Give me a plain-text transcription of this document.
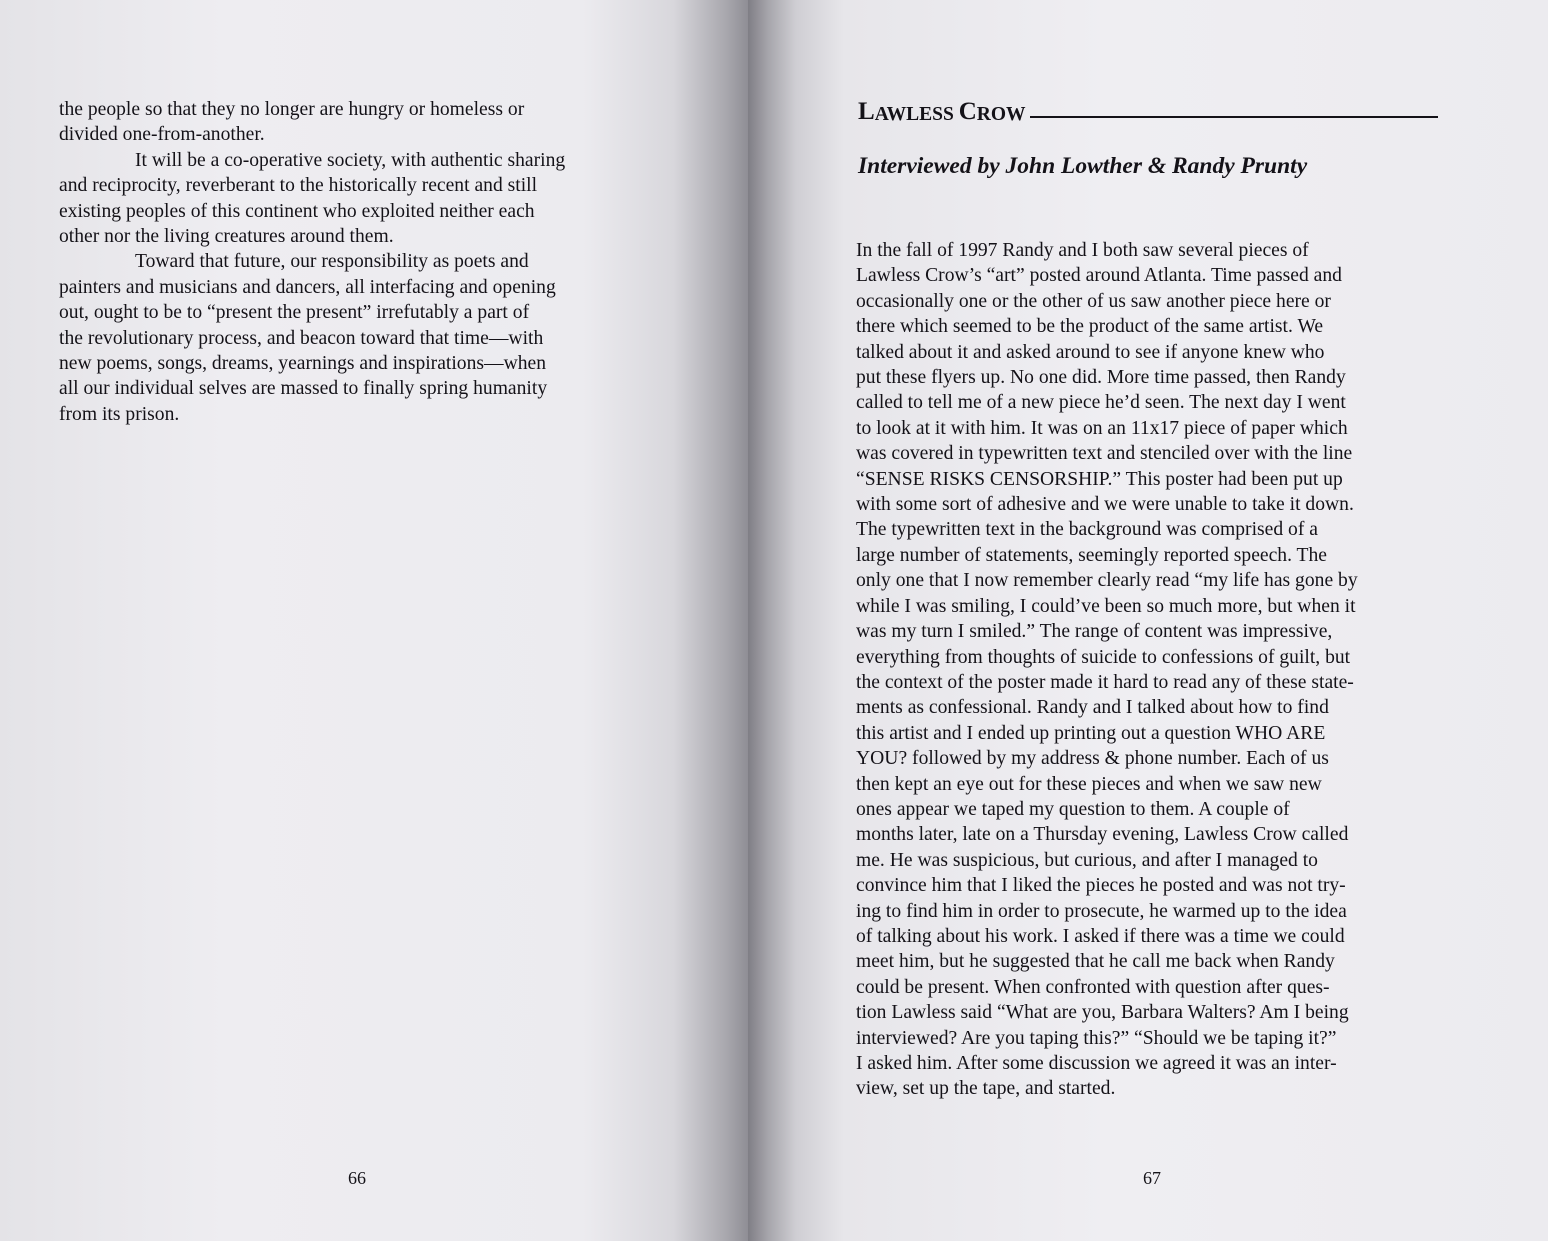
the people so that they no longer are hungry or homeless or
divided one-from-another.
It will be a co-operative society, with authentic sharing
and reciprocity, reverberant to the historically recent and still
existing peoples of this continent who exploited neither each
other nor the living creatures around them.
Toward that future, our responsibility as poets and
painters and musicians and dancers, all interfacing and opening
out, ought to be to “present the present” irrefutably a part of
the revolutionary process, and beacon toward that time—with
new poems, songs, dreams, yearnings and inspirations—when
all our individual selves are massed to finally spring humanity
from its prison.
66
L AWLESS
C ROW

Interviewed by John Lowther & Randy Prunty

In the fall of 1997 Randy and I both saw several pieces of
Lawless Crow’s “art” posted around Atlanta. Time passed and
occasionally one or the other of us saw another piece here or
there which seemed to be the product of the same artist. We
talked about it and asked around to see if anyone knew who
put these flyers up. No one did. More time passed, then Randy
called to tell me of a new piece he’d seen. The next day I went
to look at it with him. It was on an 11x17 piece of paper which
was covered in typewritten text and stenciled over with the line
“SENSE RISKS CENSORSHIP.” This poster had been put up
with some sort of adhesive and we were unable to take it down.
The typewritten text in the background was comprised of a
large number of statements, seemingly reported speech. The
only one that I now remember clearly read “my life has gone by
while I was smiling, I could’ve been so much more, but when it
was my turn I smiled.” The range of content was impressive,
everything from thoughts of suicide to confessions of guilt, but
the context of the poster made it hard to read any of these state-
ments as confessional. Randy and I talked about how to find
this artist and I ended up printing out a question WHO ARE
YOU? followed by my address & phone number. Each of us
then kept an eye out for these pieces and when we saw new
ones appear we taped my question to them. A couple of
months later, late on a Thursday evening, Lawless Crow called
me. He was suspicious, but curious, and after I managed to
convince him that I liked the pieces he posted and was not try-
ing to find him in order to prosecute, he warmed up to the idea
of talking about his work. I asked if there was a time we could
meet him, but he suggested that he call me back when Randy
could be present. When confronted with question after ques-
tion Lawless said “What are you, Barbara Walters? Am I being
interviewed? Are you taping this?” “Should we be taping it?”
I asked him. After some discussion we agreed it was an inter-
view, set up the tape, and started.
67
